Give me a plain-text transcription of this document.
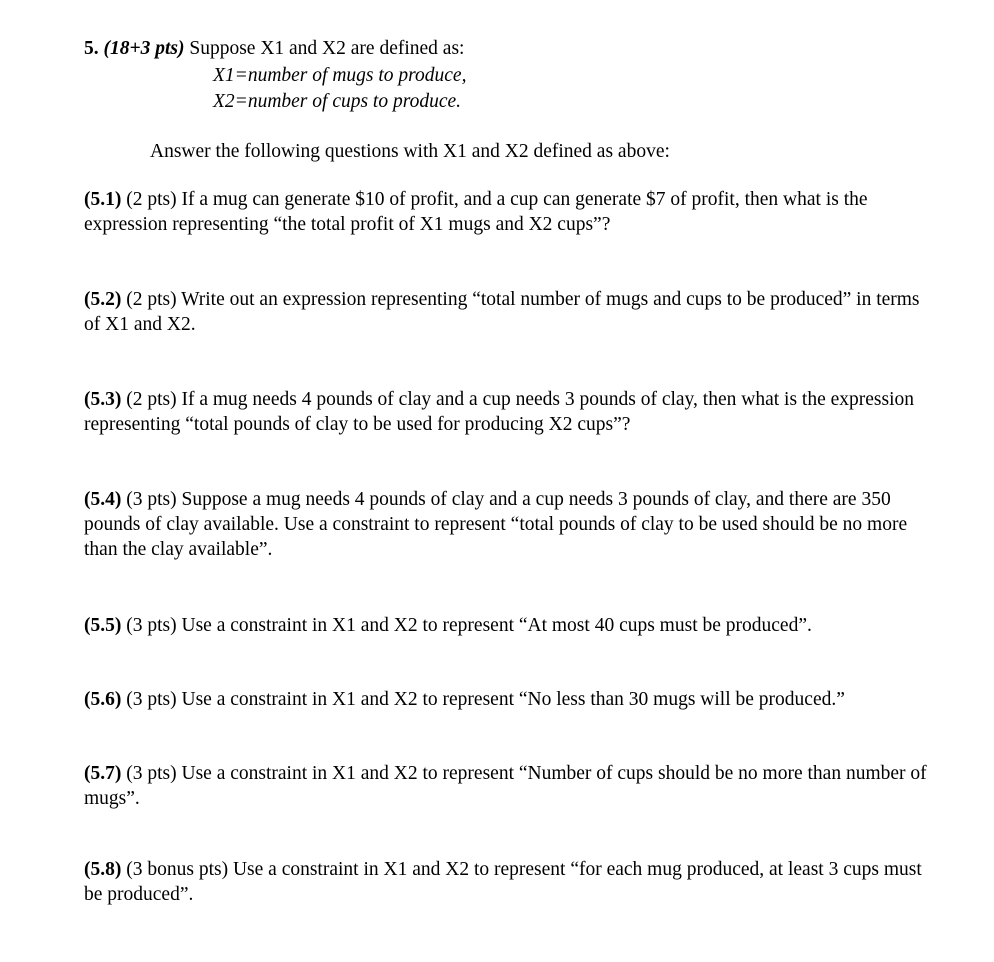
5. (18+3 pts) Suppose X1 and X2 are defined as:

X1=number of mugs to produce,

X2=number of cups to produce.

Answer the following questions with X1 and X2 defined as above:

(5.1) (2 pts) If a mug can generate $10 of profit, and a cup can generate $7 of profit, then what is the expression representing “the total profit of X1 mugs and X2 cups”?

(5.2) (2 pts) Write out an expression representing “total number of mugs and cups to be produced” in terms of X1 and X2.

(5.3) (2 pts) If a mug needs 4 pounds of clay and a cup needs 3 pounds of clay, then what is the expression representing “total pounds of clay to be used for producing X2 cups”?

(5.4) (3 pts) Suppose a mug needs 4 pounds of clay and a cup needs 3 pounds of clay, and there are 350 pounds of clay available. Use a constraint to represent “total pounds of clay to be used should be no more than the clay available”.

(5.5) (3 pts) Use a constraint in X1 and X2 to represent “At most 40 cups must be produced”.

(5.6) (3 pts) Use a constraint in X1 and X2 to represent “No less than 30 mugs will be produced.”

(5.7) (3 pts) Use a constraint in X1 and X2 to represent “Number of cups should be no more than number of mugs”.

(5.8) (3 bonus pts) Use a constraint in X1 and X2 to represent “for each mug produced, at least 3 cups must be produced”.
